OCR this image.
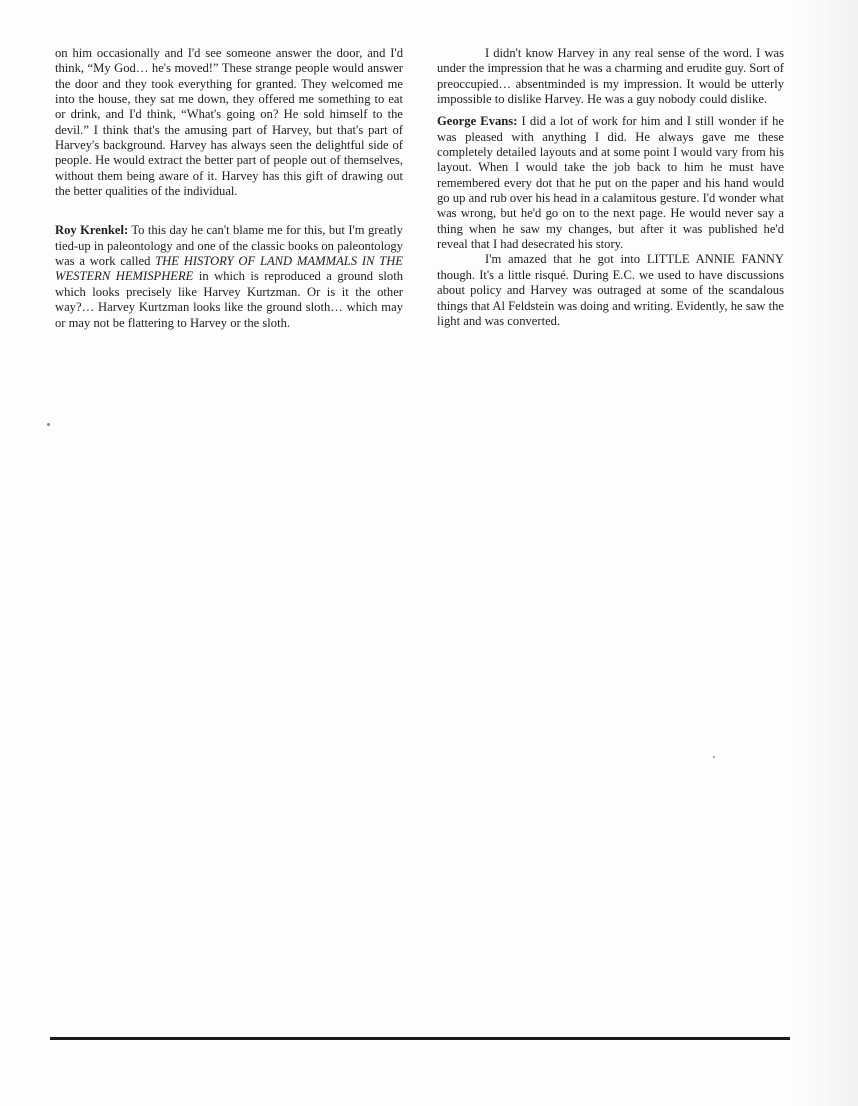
on him occasionally and I'd see someone answer the door, and I'd think, “My God… he's moved!” These strange people would answer the door and they took everything for granted. They welcomed me into the house, they sat me down, they offered me something to eat or drink, and I'd think, “What's going on? He sold himself to the devil.” I think that's the amusing part of Harvey, but that's part of Harvey's background. Harvey has always seen the delightful side of people. He would extract the better part of people out of themselves, without them being aware of it. Harvey has this gift of drawing out the better qualities of the individual.

Roy Krenkel: To this day he can't blame me for this, but I'm greatly tied-up in paleontology and one of the classic books on paleontology was a work called THE HISTORY OF LAND MAMMALS IN THE WESTERN HEMISPHERE in which is reproduced a ground sloth which looks precisely like Harvey Kurtzman. Or is it the other way?… Harvey Kurtzman looks like the ground sloth… which may or may not be flattering to Harvey or the sloth.

I didn't know Harvey in any real sense of the word. I was under the impression that he was a charming and erudite guy. Sort of preoccupied… absentminded is my impression. It would be utterly impossible to dislike Harvey. He was a guy nobody could dislike.

George Evans: I did a lot of work for him and I still wonder if he was pleased with anything I did. He always gave me these completely detailed layouts and at some point I would vary from his layout. When I would take the job back to him he must have remembered every dot that he put on the paper and his hand would go up and rub over his head in a calamitous gesture. I'd wonder what was wrong, but he'd go on to the next page. He would never say a thing when he saw my changes, but after it was published he'd reveal that I had desecrated his story.

I'm amazed that he got into LITTLE ANNIE FANNY though. It's a little risqué. During E.C. we used to have discussions about policy and Harvey was outraged at some of the scandalous things that Al Feldstein was doing and writing. Evidently, he saw the light and was converted.
